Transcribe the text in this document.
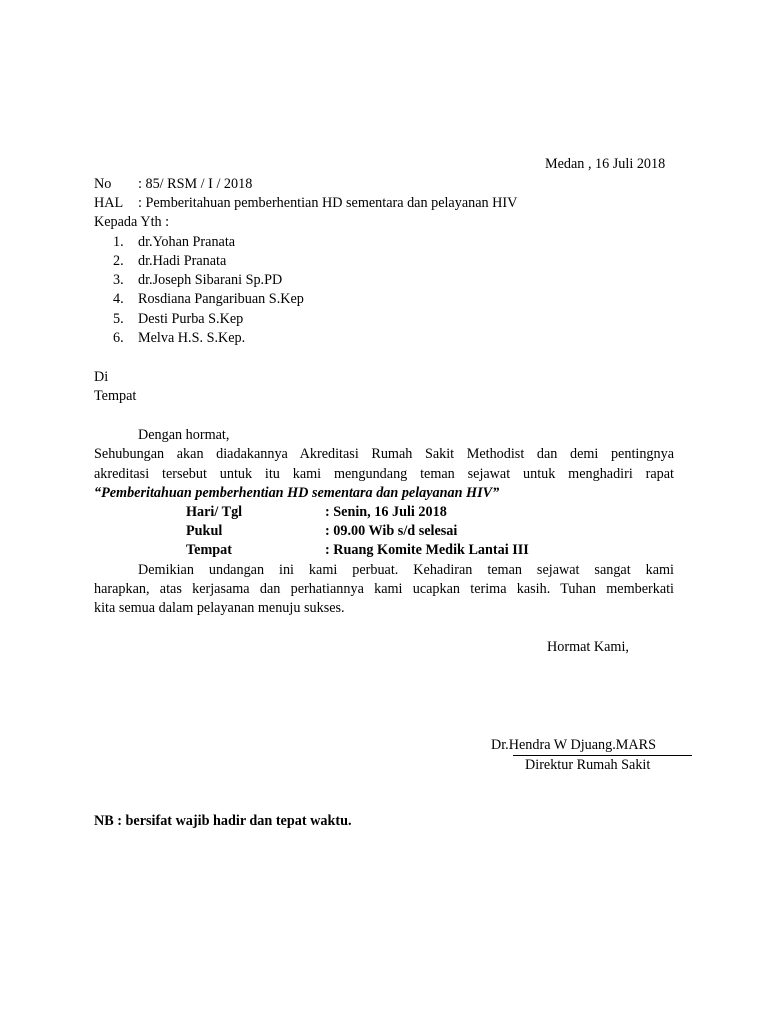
Medan , 16 Juli 2018
No : 85/ RSM / I / 2018
HAL : Pemberitahuan pemberhentian HD sementara dan pelayanan HIV
Kepada Yth :
1. dr.Yohan Pranata
2. dr.Hadi Pranata
3. dr.Joseph Sibarani Sp.PD
4. Rosdiana Pangaribuan S.Kep
5. Desti Purba S.Kep
6. Melva H.S. S.Kep.
Di
Tempat
Dengan hormat,
Sehubungan akan diadakannya Akreditasi Rumah Sakit Methodist dan demi pentingnya
akreditasi tersebut untuk itu kami mengundang teman sejawat untuk menghadiri rapat
“Pemberitahuan pemberhentian HD sementara dan pelayanan HIV”
Hari/ Tgl	: Senin, 16 Juli 2018
Pukul	: 09.00 Wib s/d selesai
Tempat	: Ruang Komite Medik Lantai III
Demikian undangan ini kami perbuat. Kehadiran teman sejawat sangat kami
harapkan, atas kerjasama dan perhatiannya kami ucapkan terima kasih. Tuhan memberkati
kita semua dalam pelayanan menuju sukses.
Hormat Kami,
Dr.Hendra W Djuang.MARS
Direktur Rumah Sakit
NB : bersifat wajib hadir dan tepat waktu.
